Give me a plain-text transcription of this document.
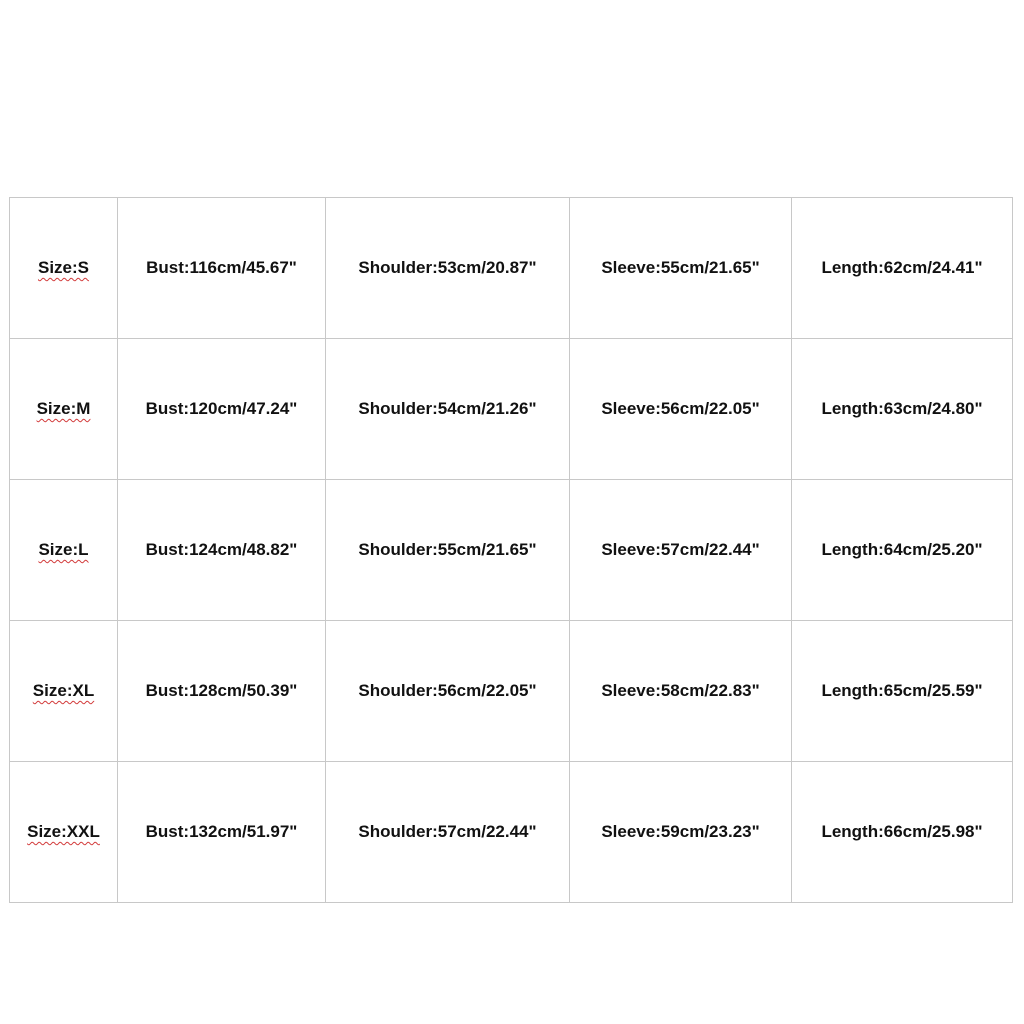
Size:S	Bust:116cm/45.67"	Shoulder:53cm/20.87"	Sleeve:55cm/21.65"	Length:62cm/24.41"
Size:M	Bust:120cm/47.24"	Shoulder:54cm/21.26"	Sleeve:56cm/22.05"	Length:63cm/24.80"
Size:L	Bust:124cm/48.82"	Shoulder:55cm/21.65"	Sleeve:57cm/22.44"	Length:64cm/25.20"
Size:XL	Bust:128cm/50.39"	Shoulder:56cm/22.05"	Sleeve:58cm/22.83"	Length:65cm/25.59"
Size:XXL	Bust:132cm/51.97"	Shoulder:57cm/22.44"	Sleeve:59cm/23.23"	Length:66cm/25.98"
